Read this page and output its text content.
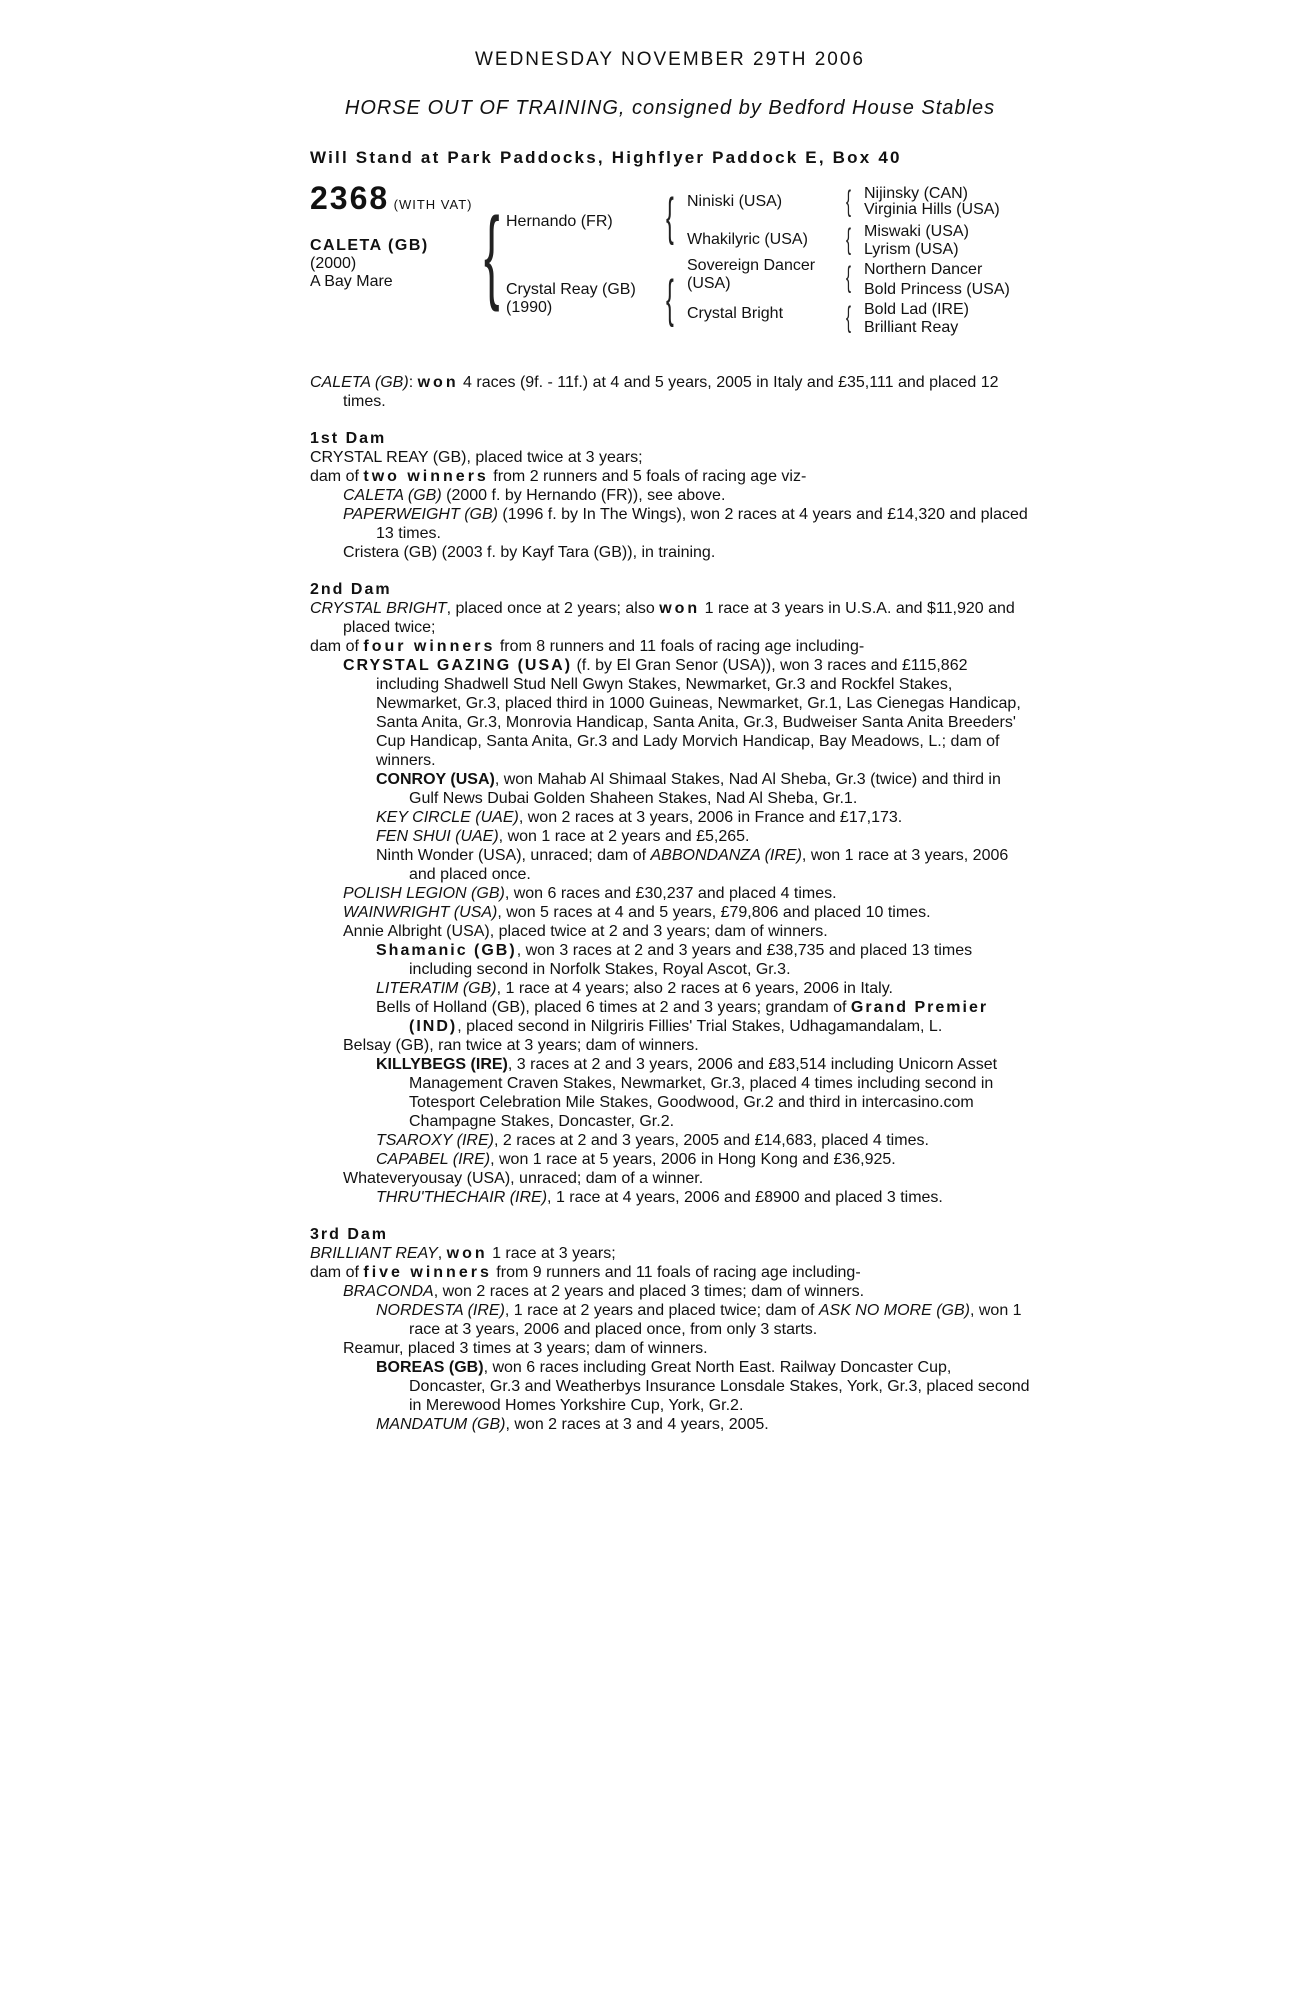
WEDNESDAY NOVEMBER 29TH 2006
HORSE OUT OF TRAINING, consigned by Bedford House Stables
Will Stand at Park Paddocks, Highflyer Paddock E, Box 40
2368 (WITH VAT)
CALETA (GB)
(2000)
A Bay Mare { Hernando (FR)
Crystal Reay (GB)
(1990)
{ Niniski (USA)
Whakilyric (USA)
{
Sovereign Dancer
(USA)
Crystal Bright
{ Nijinsky (CAN)
Virginia Hills (USA)
{ Miswaki (USA)
Lyrism (USA)
{ Northern Dancer
Bold Princess (USA)
{ Bold Lad (IRE)
Brilliant Reay

CALETA (GB): won 4 races (9f. - 11f.) at 4 and 5 years, 2005 in Italy and £35,111 and placed 12 times.

1st Dam

CRYSTAL REAY (GB), placed twice at 3 years;

dam of two winners from 2 runners and 5 foals of racing age viz-

CALETA (GB) (2000 f. by Hernando (FR)), see above.

PAPERWEIGHT (GB) (1996 f. by In The Wings), won 2 races at 4 years and £14,320 and placed 13 times.

Cristera (GB) (2003 f. by Kayf Tara (GB)), in training.

2nd Dam

CRYSTAL BRIGHT, placed once at 2 years; also won 1 race at 3 years in U.S.A. and $11,920 and placed twice;

dam of four winners from 8 runners and 11 foals of racing age including-

CRYSTAL GAZING (USA) (f. by El Gran Senor (USA)), won 3 races and £115,862 including Shadwell Stud Nell Gwyn Stakes, Newmarket, Gr.3 and Rockfel Stakes, Newmarket, Gr.3, placed third in 1000 Guineas, Newmarket, Gr.1, Las Cienegas Handicap, Santa Anita, Gr.3, Monrovia Handicap, Santa Anita, Gr.3, Budweiser Santa Anita Breeders' Cup Handicap, Santa Anita, Gr.3 and Lady Morvich Handicap, Bay Meadows, L.; dam of winners.

CONROY (USA), won Mahab Al Shimaal Stakes, Nad Al Sheba, Gr.3 (twice) and third in Gulf News Dubai Golden Shaheen Stakes, Nad Al Sheba, Gr.1.

KEY CIRCLE (UAE), won 2 races at 3 years, 2006 in France and £17,173.

FEN SHUI (UAE), won 1 race at 2 years and £5,265.

Ninth Wonder (USA), unraced; dam of ABBONDANZA (IRE), won 1 race at 3 years, 2006 and placed once.

POLISH LEGION (GB), won 6 races and £30,237 and placed 4 times.

WAINWRIGHT (USA), won 5 races at 4 and 5 years, £79,806 and placed 10 times.

Annie Albright (USA), placed twice at 2 and 3 years; dam of winners.

Shamanic (GB), won 3 races at 2 and 3 years and £38,735 and placed 13 times including second in Norfolk Stakes, Royal Ascot, Gr.3.

LITERATIM (GB), 1 race at 4 years; also 2 races at 6 years, 2006 in Italy.

Bells of Holland (GB), placed 6 times at 2 and 3 years; grandam of Grand Premier (IND), placed second in Nilgriris Fillies' Trial Stakes, Udhagamandalam, L.

Belsay (GB), ran twice at 3 years; dam of winners.

KILLYBEGS (IRE), 3 races at 2 and 3 years, 2006 and £83,514 including Unicorn Asset Management Craven Stakes, Newmarket, Gr.3, placed 4 times including second in Totesport Celebration Mile Stakes, Goodwood, Gr.2 and third in intercasino.com Champagne Stakes, Doncaster, Gr.2.

TSAROXY (IRE), 2 races at 2 and 3 years, 2005 and £14,683, placed 4 times.

CAPABEL (IRE), won 1 race at 5 years, 2006 in Hong Kong and £36,925.

Whateveryousay (USA), unraced; dam of a winner.

THRU'THECHAIR (IRE), 1 race at 4 years, 2006 and £8900 and placed 3 times.

3rd Dam

BRILLIANT REAY, won 1 race at 3 years;

dam of five winners from 9 runners and 11 foals of racing age including-

BRACONDA, won 2 races at 2 years and placed 3 times; dam of winners.

NORDESTA (IRE), 1 race at 2 years and placed twice; dam of ASK NO MORE (GB), won 1 race at 3 years, 2006 and placed once, from only 3 starts.

Reamur, placed 3 times at 3 years; dam of winners.

BOREAS (GB), won 6 races including Great North East. Railway Doncaster Cup, Doncaster, Gr.3 and Weatherbys Insurance Lonsdale Stakes, York, Gr.3, placed second in Merewood Homes Yorkshire Cup, York, Gr.2.

MANDATUM (GB), won 2 races at 3 and 4 years, 2005.
